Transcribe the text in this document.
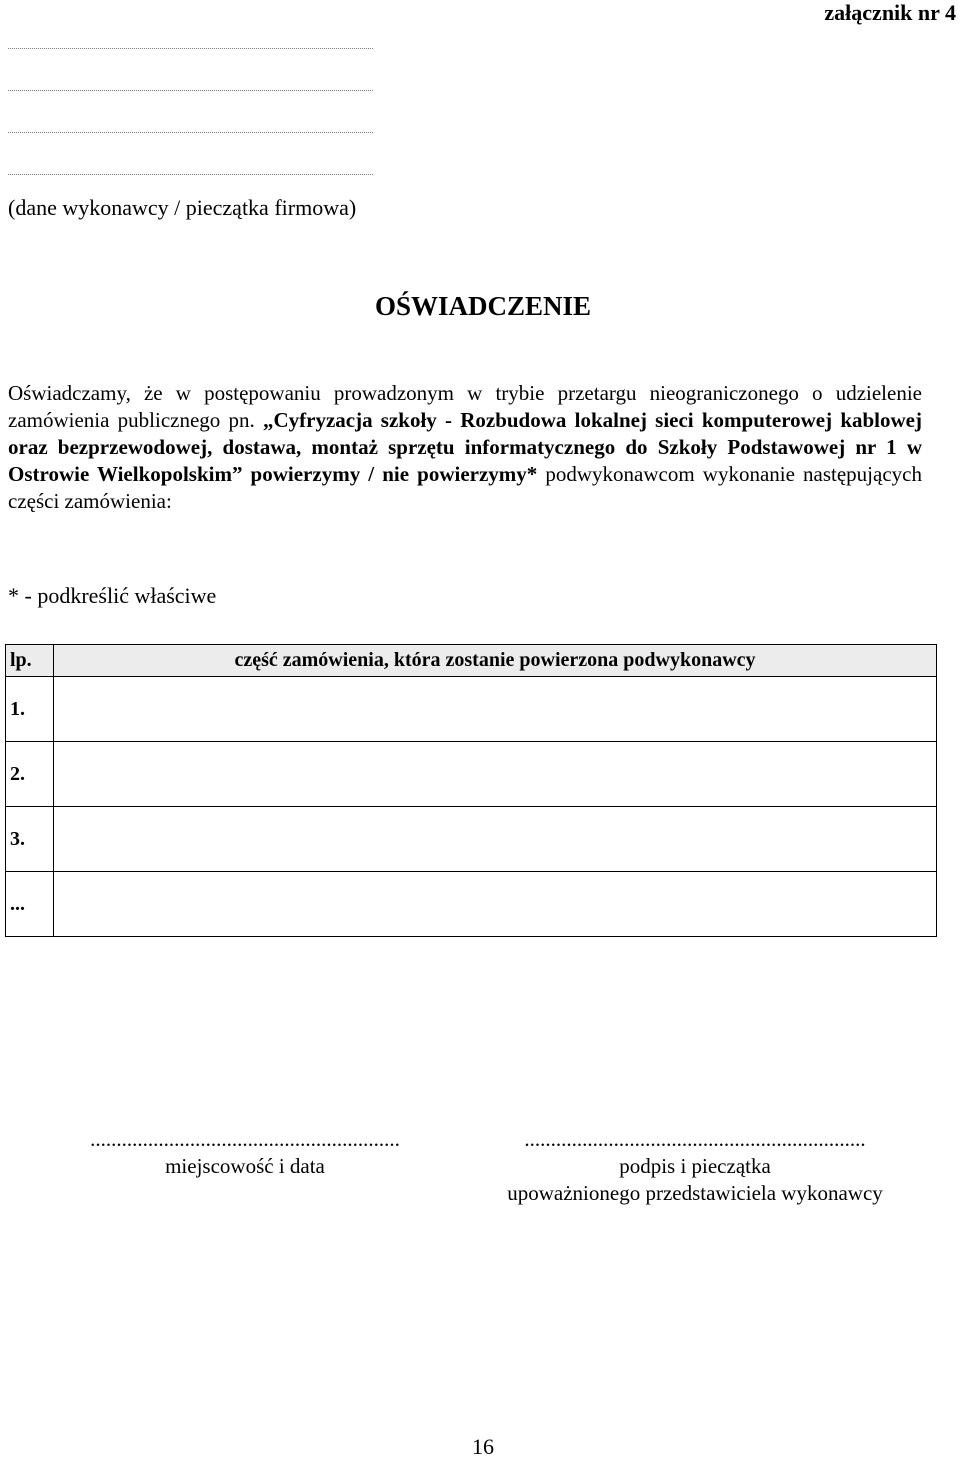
załącznik nr 4
(dane wykonawcy / pieczątka firmowa)
OŚWIADCZENIE
Oświadczamy, że w postępowaniu prowadzonym w trybie przetargu nieograniczonego o udzielenie zamówienia publicznego pn. „Cyfryzacja szkoły - Rozbudowa lokalnej sieci komputerowej kablowej oraz bezprzewodowej, dostawa, montaż sprzętu informatycznego do Szkoły Podstawowej nr 1 w Ostrowie Wielkopolskim” powierzymy / nie powierzymy* podwykonawcom wykonanie następujących części zamówienia:
* - podkreślić właściwe
lp.	część zamówienia, która zostanie powierzona podwykonawcy
1.	
2.	
3.	
...	
...........................................................
miejscowość i data
.................................................................
podpis i pieczątka
upoważnionego przedstawiciela wykonawcy
16
